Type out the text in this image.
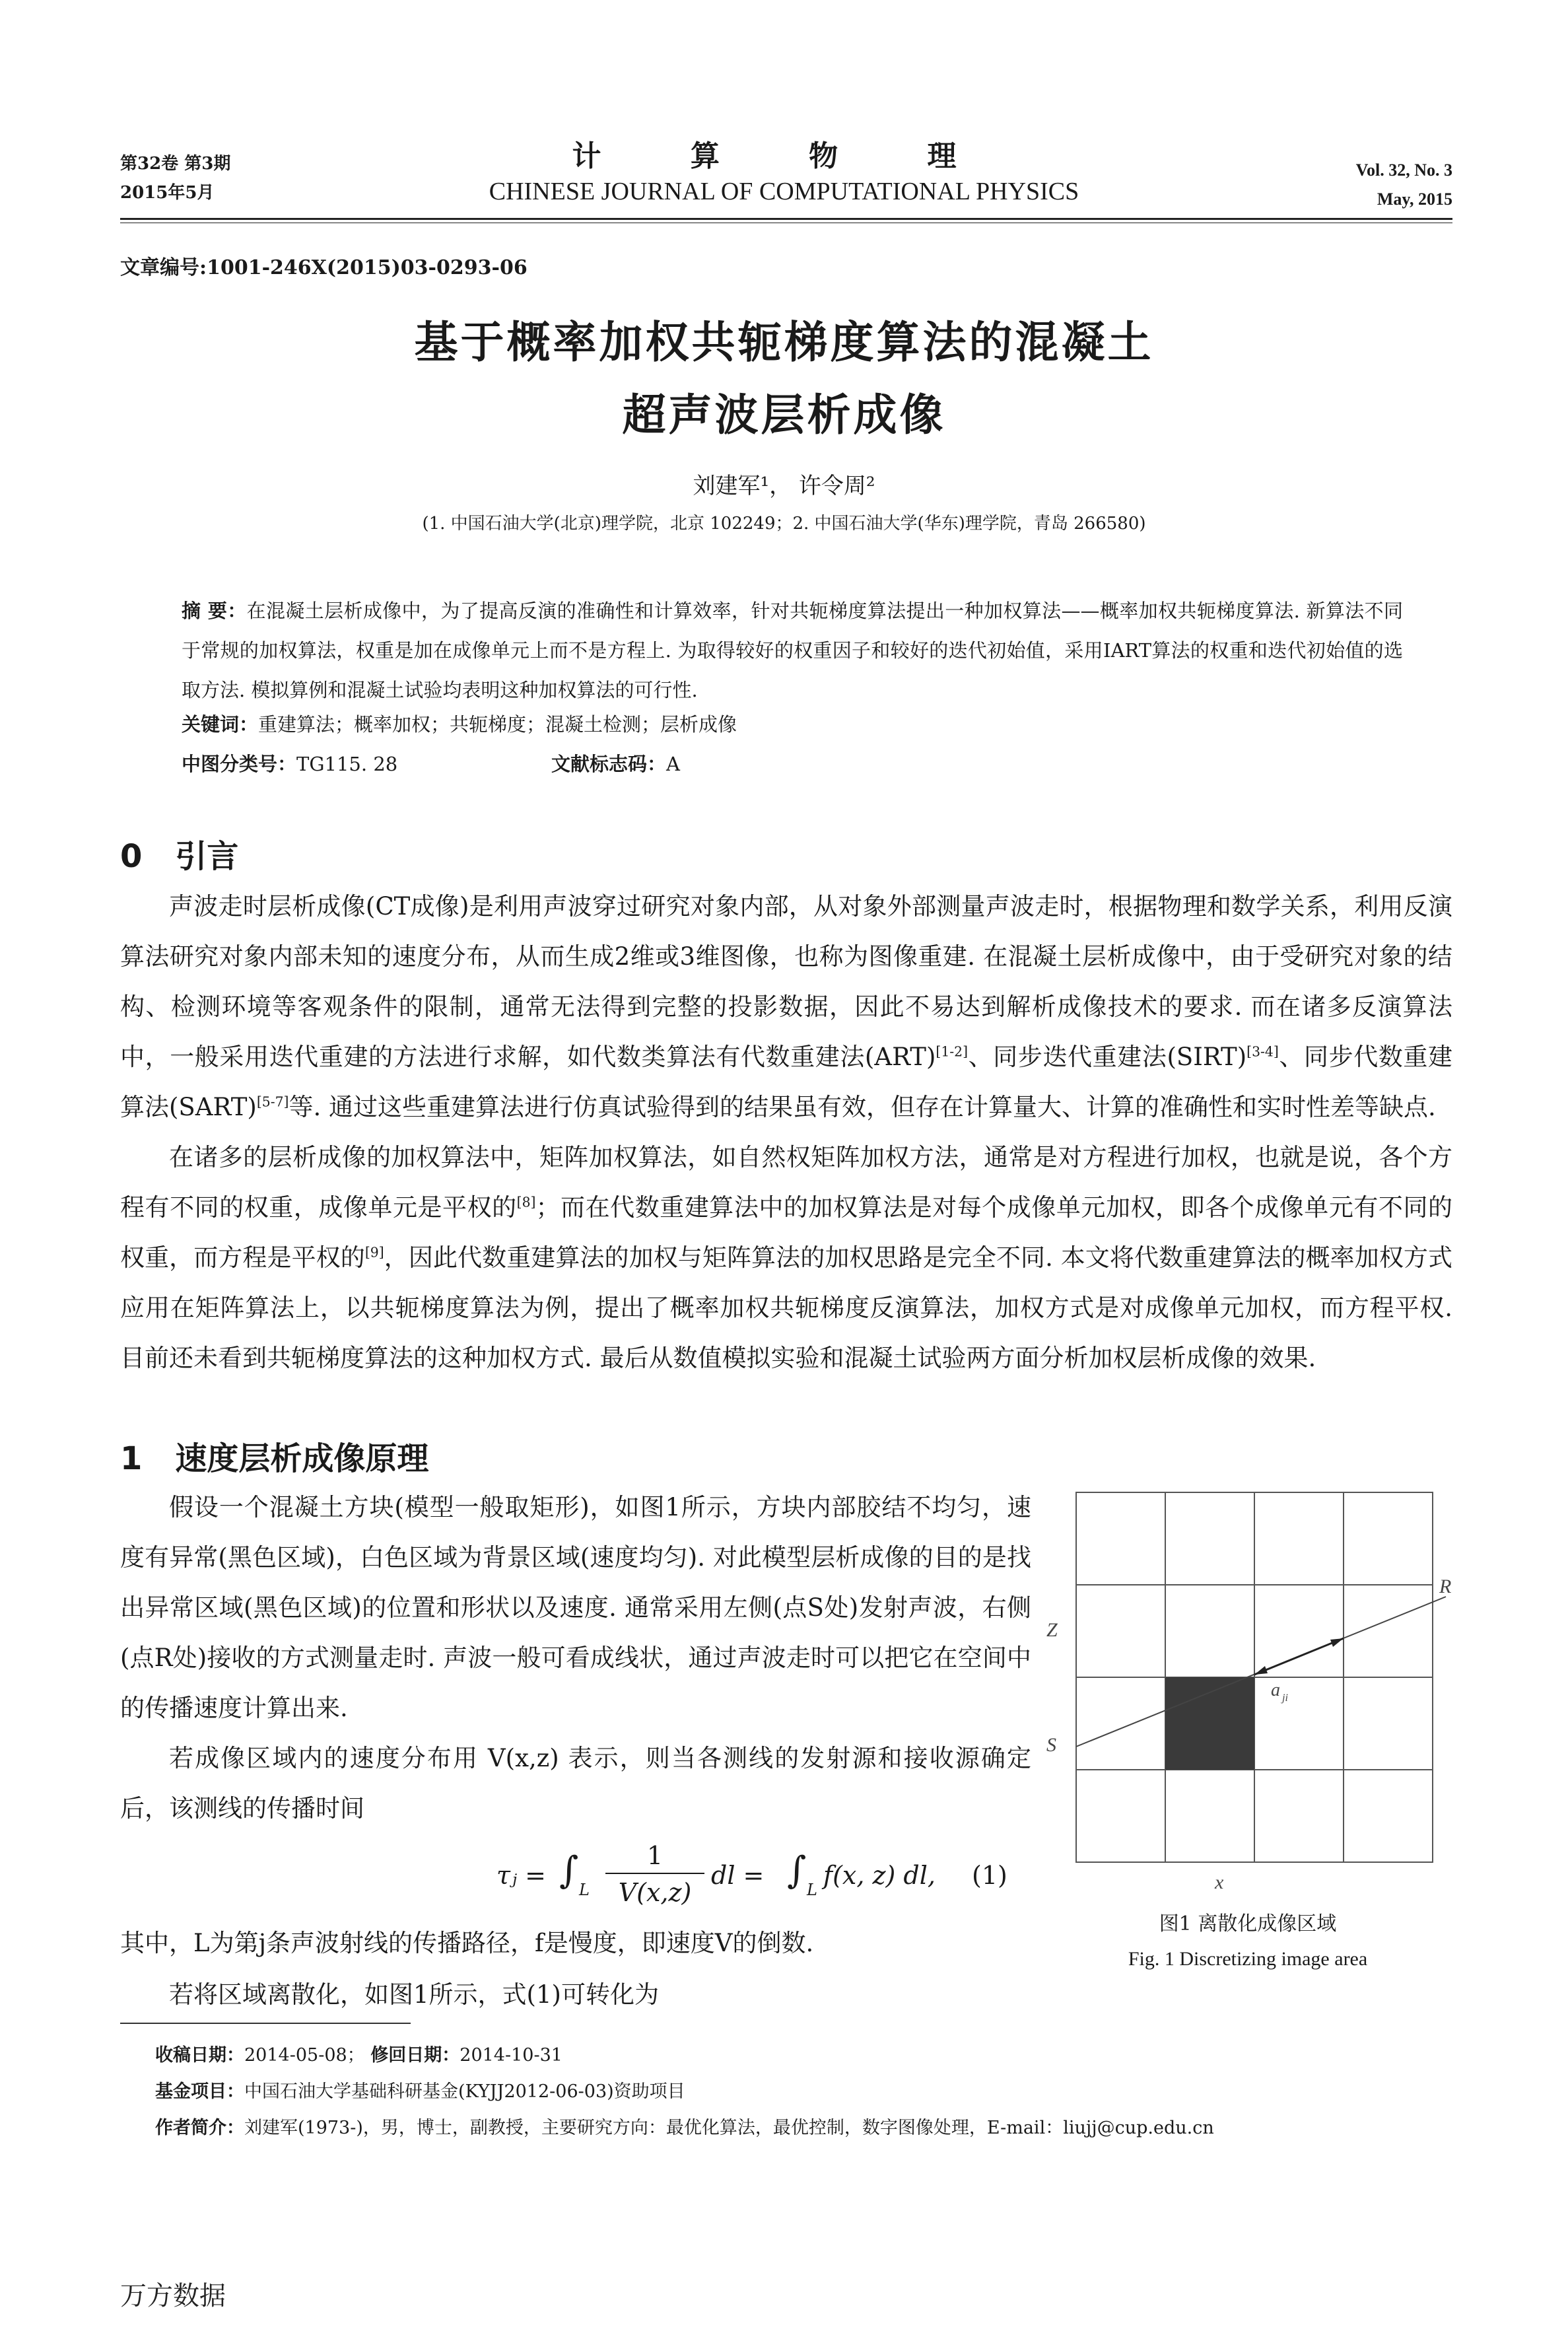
第32卷 第3期
2015年5月
计 算 物 理
CHINESE JOURNAL OF COMPUTATIONAL PHYSICS
Vol. 32, No. 3
May, 2015
文章编号:1001-246X(2015)03-0293-06
基于概率加权共轭梯度算法的混凝土
超声波层析成像
刘建军¹， 许令周²
(1. 中国石油大学(北京)理学院，北京 102249；2. 中国石油大学(华东)理学院，青岛 266580)
摘 要：在混凝土层析成像中，为了提高反演的准确性和计算效率，针对共轭梯度算法提出一种加权算法——概率加权共轭梯度算法. 新算法不同于常规的加权算法，权重是加在成像单元上而不是方程上. 为取得较好的权重因子和较好的迭代初始值，采用IART算法的权重和迭代初始值的选取方法. 模拟算例和混凝土试验均表明这种加权算法的可行性.
关键词：重建算法；概率加权；共轭梯度；混凝土检测；层析成像
中图分类号：TG115. 28	文献标志码：A
0 引言

声波走时层析成像(CT成像)是利用声波穿过研究对象内部，从对象外部测量声波走时，根据物理和数学关系，利用反演算法研究对象内部未知的速度分布，从而生成2维或3维图像，也称为图像重建. 在混凝土层析成像中，由于受研究对象的结构、检测环境等客观条件的限制，通常无法得到完整的投影数据，因此不易达到解析成像技术的要求. 而在诸多反演算法中，一般采用迭代重建的方法进行求解，如代数类算法有代数重建法(ART)[1-2]、同步迭代重建法(SIRT)[3-4]、同步代数重建算法(SART)[5-7]等. 通过这些重建算法进行仿真试验得到的结果虽有效，但存在计算量大、计算的准确性和实时性差等缺点.

在诸多的层析成像的加权算法中，矩阵加权算法，如自然权矩阵加权方法，通常是对方程进行加权，也就是说，各个方程有不同的权重，成像单元是平权的[8]；而在代数重建算法中的加权算法是对每个成像单元加权，即各个成像单元有不同的权重，而方程是平权的[9]，因此代数重建算法的加权与矩阵算法的加权思路是完全不同. 本文将代数重建算法的概率加权方式应用在矩阵算法上，以共轭梯度算法为例，提出了概率加权共轭梯度反演算法，加权方式是对成像单元加权，而方程平权. 目前还未看到共轭梯度算法的这种加权方式. 最后从数值模拟实验和混凝土试验两方面分析加权层析成像的效果.

1 速度层析成像原理

假设一个混凝土方块(模型一般取矩形)，如图1所示，方块内部胶结不均匀，速度有异常(黑色区域)，白色区域为背景区域(速度均匀). 对此模型层析成像的目的是找出异常区域(黑色区域)的位置和形状以及速度. 通常采用左侧(点S处)发射声波，右侧(点R处)接收的方式测量走时. 声波一般可看成线状，通过声波走时可以把它在空间中的传播速度计算出来.

若成像区域内的速度分布用 V(x,z) 表示，则当各测线的发射源和接收源确定后，该测线的传播时间

τⱼ = ∫ L
1
V(x,z)
dl = ∫ L f(x, z) dl, (1)

其中，L为第j条声波射线的传播路径，f是慢度，即速度V的倒数.

若将区域离散化，如图1所示，式(1)可转化为

Z
S
R
x
a ji
图1 离散化成像区域
Fig. 1 Discretizing image area
收稿日期：2014-05-08； 修回日期：2014-10-31
基金项目：中国石油大学基础科研基金(KYJJ2012-06-03)资助项目
作者简介：刘建军(1973-)，男，博士，副教授，主要研究方向：最优化算法，最优控制，数字图像处理，E-mail：liujj@cup.edu.cn
万方数据
